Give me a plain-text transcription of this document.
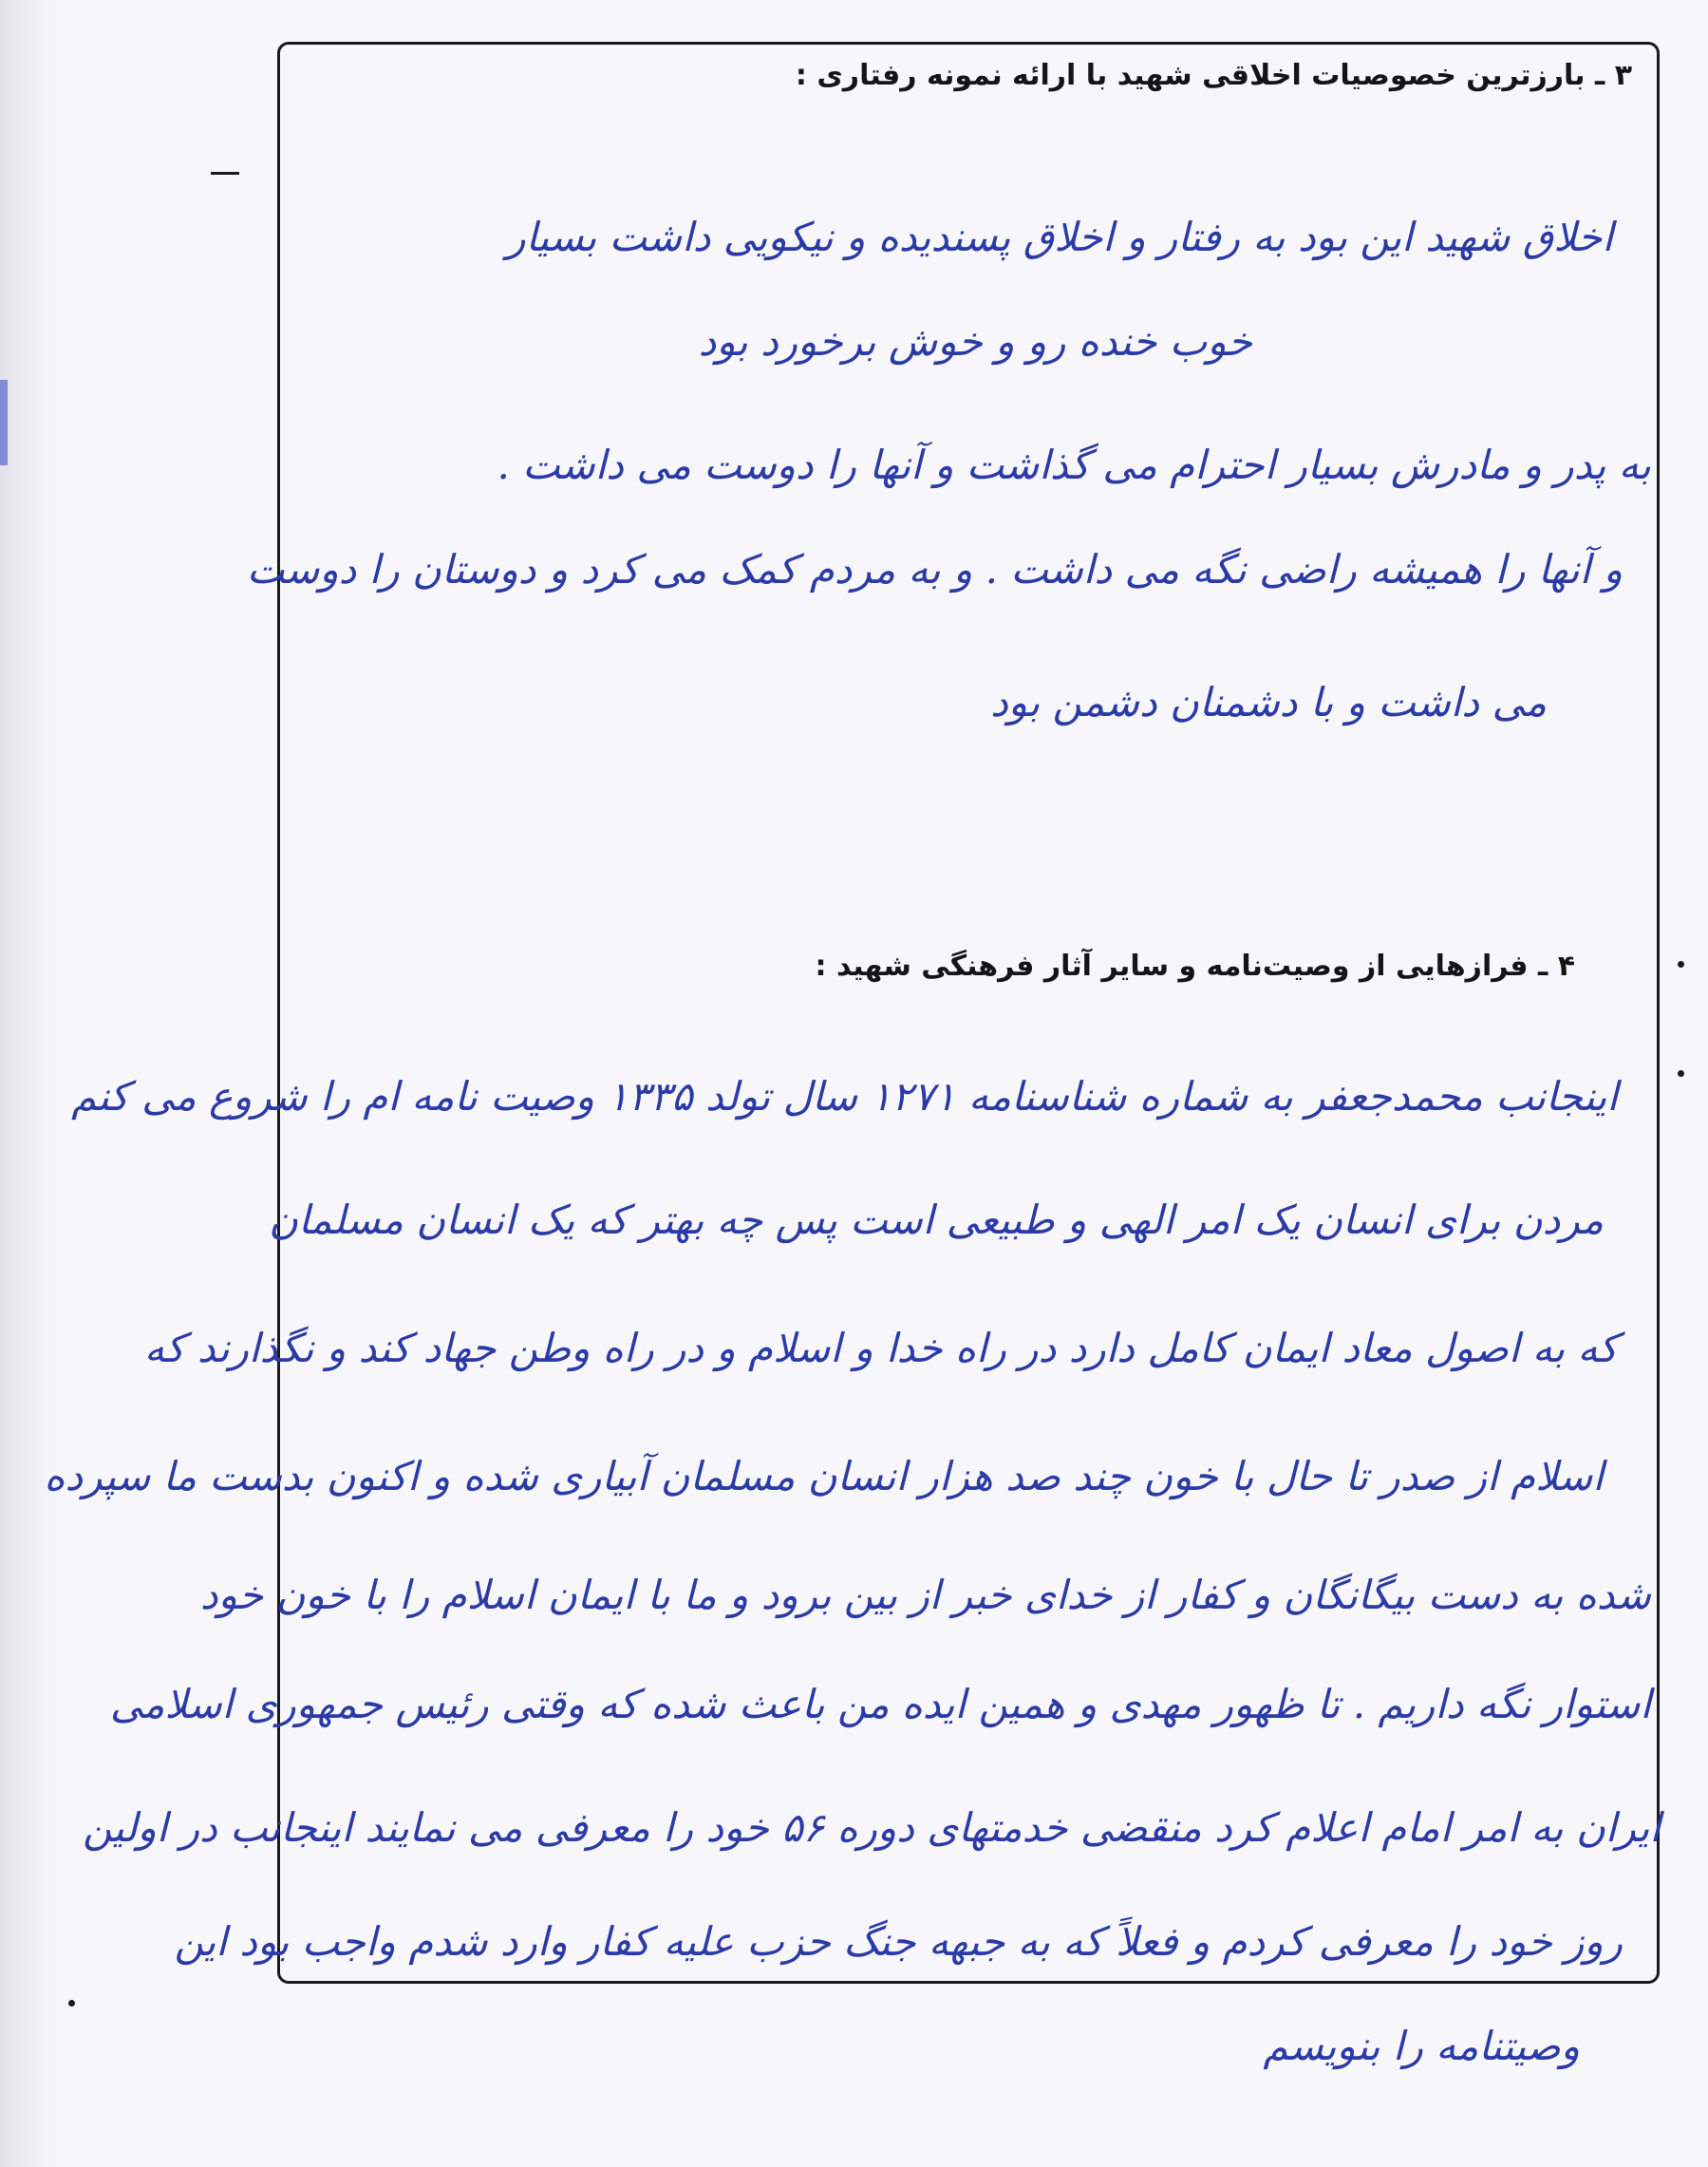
۳ ـ بارزترین خصوصیات اخلاقی شهید با ارائه نمونه رفتاری :
اخلاق شهید این بود به رفتار و اخلاق پسندیده و نیکویی داشت بسیار
خوب خنده رو و خوش برخورد بود
به پدر و مادرش بسیار احترام می گذاشت و آنها را دوست می داشت .
و آنها را همیشه راضی نگه می داشت . و به مردم کمک می کرد و دوستان را دوست
می داشت و با دشمنان دشمن بود
۴ ـ فرازهایی از وصیت‌نامه و سایر آثار فرهنگی شهید :
اینجانب محمدجعفر به شماره شناسنامه ۱۲۷۱ سال تولد ۱۳۳۵ وصیت نامه ام را شروع می کنم
مردن برای انسان یک امر الهی و طبیعی است پس چه بهتر که یک انسان مسلمان
که به اصول معاد ایمان کامل دارد در راه خدا و اسلام و در راه وطن جهاد کند و نگذارند که
اسلام از صدر تا حال با خون چند صد هزار انسان مسلمان آبیاری شده و اکنون بدست ما سپرده
شده به دست بیگانگان و کفار از خدای خبر از بین برود و ما با ایمان اسلام را با خون خود
استوار نگه داریم . تا ظهور مهدی و همین ایده من باعث شده که وقتی رئیس جمهوری اسلامی
ایران به امر امام اعلام کرد منقضی خدمتهای دوره ۵۶ خود را معرفی می نمایند اینجانب در اولین
روز خود را معرفی کردم و فعلاً که به جبهه جنگ حزب علیه کفار وارد شدم واجب بود این
وصیتنامه را بنویسم
